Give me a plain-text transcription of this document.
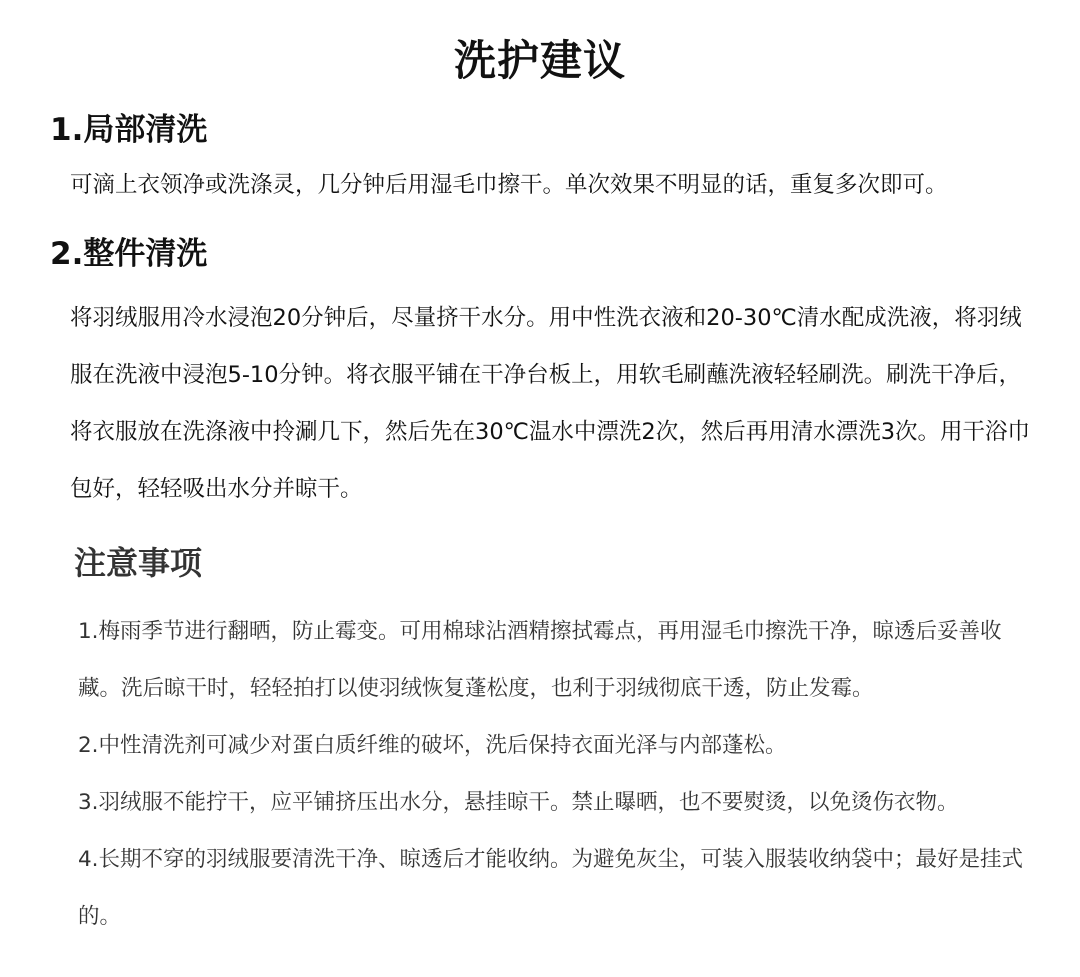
洗护建议
1.局部清洗
可滴上衣领净或洗涤灵，几分钟后用湿毛巾擦干。单次效果不明显的话，重复多次即可。
2.整件清洗
将羽绒服用冷水浸泡20分钟后，尽量挤干水分。用中性洗衣液和20-30℃清水配成洗液，将羽绒服在洗液中浸泡5-10分钟。将衣服平铺在干净台板上，用软毛刷蘸洗液轻轻刷洗。刷洗干净后，将衣服放在洗涤液中拎涮几下，然后先在30℃温水中漂洗2次，然后再用清水漂洗3次。用干浴巾包好，轻轻吸出水分并晾干。
注意事项
1.梅雨季节进行翻晒，防止霉变。可用棉球沾酒精擦拭霉点，再用湿毛巾擦洗干净，晾透后妥善收藏。洗后晾干时，轻轻拍打以使羽绒恢复蓬松度，也利于羽绒彻底干透，防止发霉。
2.中性清洗剂可减少对蛋白质纤维的破坏，洗后保持衣面光泽与内部蓬松。
3.羽绒服不能拧干，应平铺挤压出水分，悬挂晾干。禁止曝晒，也不要熨烫，以免烫伤衣物。
4.长期不穿的羽绒服要清洗干净、晾透后才能收纳。为避免灰尘，可装入服装收纳袋中；最好是挂式的。
